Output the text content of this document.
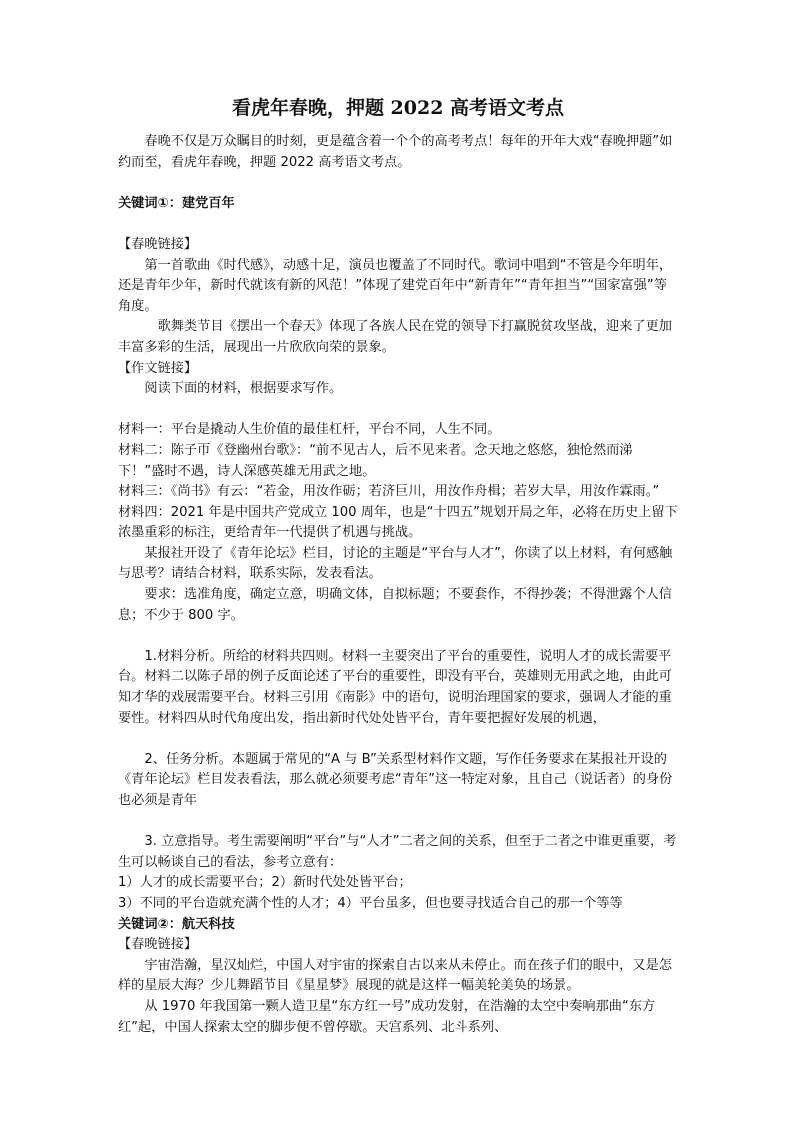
看虎年春晚，押题 2022 高考语文考点

春晚不仅是万众瞩目的时刻，更是蕴含着一个个的高考考点！每年的开年大戏“春晚押题”如约而至，看虎年春晚，押题 2022 高考语文考点。

关键词①：建党百年

【春晚链接】

第一首歌曲《时代感》，动感十足，演员也覆盖了不同时代。歌词中唱到“不管是今年明年，还是青年少年，新时代就该有新的风范！”体现了建党百年中“新青年”“青年担当”“国家富强”等角度。

歌舞类节目《摆出一个春天》体现了各族人民在党的领导下打赢脱贫攻坚战，迎来了更加丰富多彩的生活，展现出一片欣欣向荣的景象。

【作文链接】

阅读下面的材料，根据要求写作。

材料一：平台是撬动人生价值的最佳杠杆，平台不同，人生不同。

材料二：陈子帀《登幽州台歌》：“前不见古人，后不见来者。念天地之悠悠，独怆然而涕下！”盛时不遇，诗人深感英雄无用武之地。

材料三：《尚书》有云：“若金，用汝作砺；若济巨川，用汝作舟楫；若岁大旱，用汝作霖雨。”

材料四：2021 年是中国共产党成立 100 周年，也是“十四五”规划开局之年，必将在历史上留下浓墨重彩的标注，更给青年一代提供了机遇与挑战。

某报社开设了《青年论坛》栏目，讨论的主题是“平台与人才”，你读了以上材料，有何感触与思考？请结合材料，联系实际，发表看法。

要求：选准角度，确定立意，明确文体，自拟标题；不要套作，不得抄袭；不得泄露个人信息；不少于 800 字。

1.材料分析。所给的材料共四则。材料一主要突出了平台的重要性，说明人才的成长需要平台。材料二以陈子昂的例子反面论述了平台的重要性，即没有平台，英雄则无用武之地，由此可知才华的戏展需要平台。材料三引用《南影》中的语句，说明治理国家的要求，强调人才能的重要性。材料四从时代角度出发，指出新时代处处皆平台，青年要把握好发展的机遇，

2、任务分析。本题属于常见的“A 与 B”关系型材料作文题，写作任务要求在某报社开设的《青年论坛》栏目发表看法，那么就必须要考虑“青年”这一特定对象，且自己（说话者）的身份也必须是青年

3. 立意指导。考生需要阐明“平台”与“人才”二者之间的关系，但至于二者之中谁更重要，考生可以畅谈自己的看法，参考立意有：

1）人才的成长需要平台；2）新时代处处皆平台；

3）不同的平台造就充满个性的人才；4）平台虽多，但也要寻找适合自己的那一个等等

关键词②：航天科技

【春晚链接】

宇宙浩瀚，星汉灿烂，中国人对宇宙的探索自古以来从未停止。而在孩子们的眼中，又是怎样的星辰大海？少儿舞蹈节目《星星梦》展现的就是这样一幅美轮美奂的场景。

从 1970 年我国第一颗人造卫星“东方红一号”成功发射，在浩瀚的太空中奏响那曲“东方红”起，中国人探索太空的脚步便不曾停歇。天宫系列、北斗系列、
